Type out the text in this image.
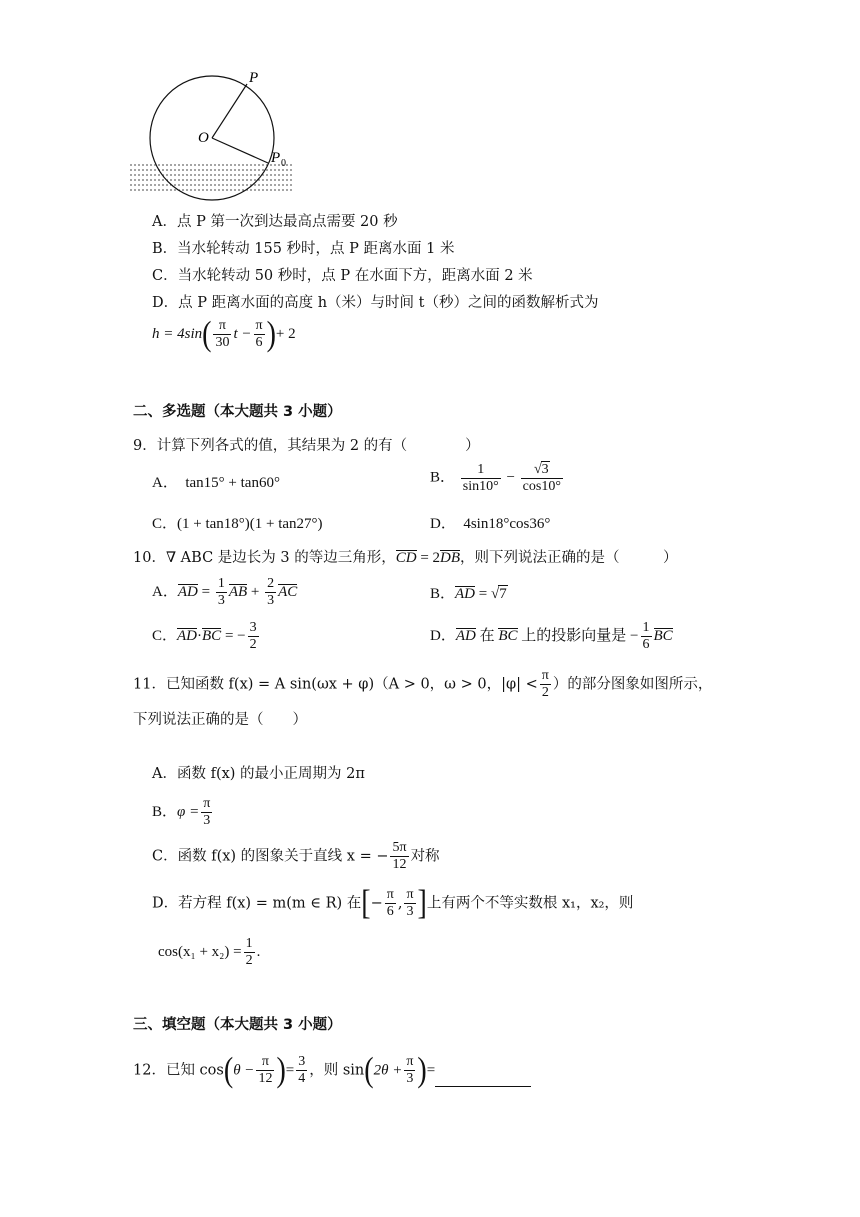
O
P
P 0
A．点 P 第一次到达最高点需要 20 秒
B．当水轮转动 155 秒时，点 P 距离水面 1 米
C．当水轮转动 50 秒时，点 P 在水面下方，距离水面 2 米
D．点 P 距离水面的高度 h（米）与时间 t（秒）之间的函数解析式为
$h = 4\sin( \frac{\pi}{30}$ $t - \frac{\pi}{6}$ )+ 2
二、多选题（本大题共 3 小题）
9．计算下列各式的值，其结果为 2 的有（　　　　）
A．　tan15° + tan60°	B． $\frac{1}{\sin 10^\circ} - \frac{√3}{\cos 10^\circ}$
C．(1 + tan18°)(1 + tan27°)	D．　4sin18°cos36°
10．∇ ABC 是边长为 3 的等边三角形，CD = 2DB，则下列说法正确的是（　　　）
A．AD = $\frac{1}{3}$ AB + $\frac{2}{3}$ AC	B．AD = √7
C．AD·BC = − $\frac{3}{2}$	D．AD 在 BC 上的投影向量是 − $\frac{1}{6}$ BC
11．已知函数 f(x) = A sin(ωx + φ)（A > 0，ω > 0，$|\varphi| < \frac{\pi}{2}$ ）的部分图象如图所示，
下列说法正确的是（　　）
A．函数 f(x) 的最小正周期为 2π
B．$\varphi = \frac{\pi}{3}$
C．函数 f(x) 的图象关于直线 x = − $\frac{5\pi}{12}$ 对称
D．若方程 f(x) = m(m ∈ R) 在[− $\frac{\pi}{6}$ , $\frac{\pi}{3}$ ]上有两个不等实数根 x₁，x₂，则
$\cos(x_1 + x_2) = \frac{1}{2}$ .
三、填空题（本大题共 3 小题）
12．已知 $\cos(\theta - \frac{\pi}{12}$ )= $\frac{3}{4}$ ，则 $\sin(2\theta + \frac{\pi}{3}$ )=
